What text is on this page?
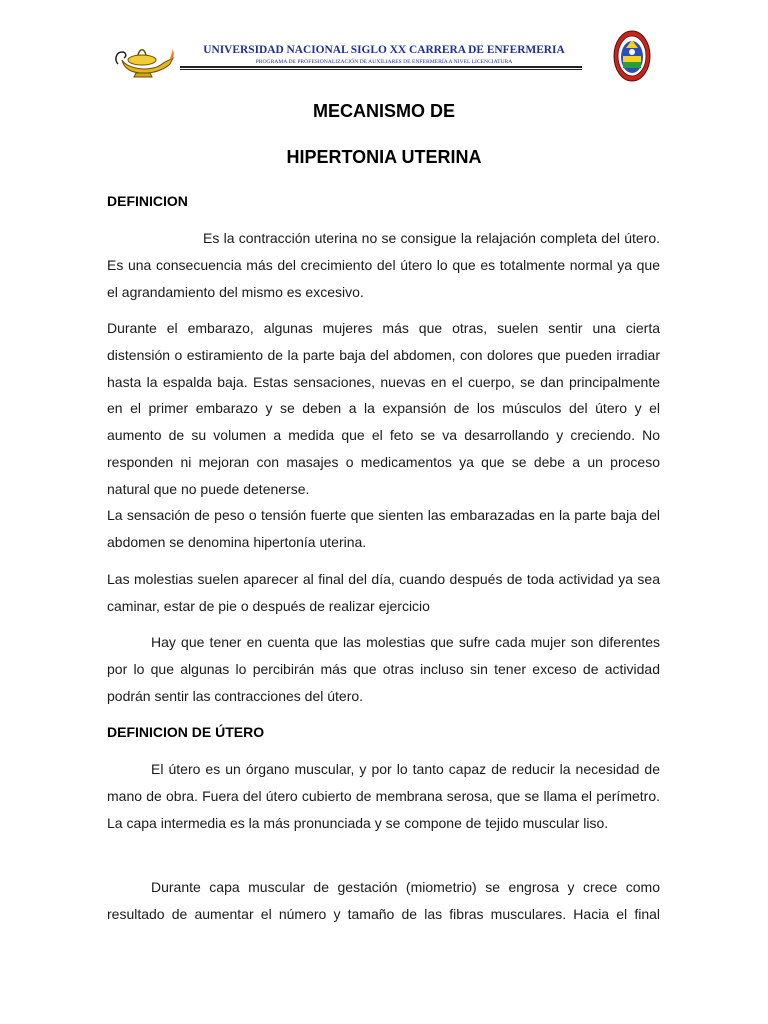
UNIVERSIDAD NACIONAL SIGLO XX CARRERA DE ENFERMERIA
PROGRAMA DE PROFESIONALIZACIÓN DE AUXILIARES DE ENFERMERÍA A NIVEL LICENCIATURA
MECANISMO DE
HIPERTONIA UTERINA
DEFINICION

Es la contracción uterina no se consigue la relajación completa del útero. Es una consecuencia más del crecimiento del útero lo que es totalmente normal ya que el agrandamiento del mismo es excesivo.

Durante el embarazo, algunas mujeres más que otras, suelen sentir una cierta distensión o estiramiento de la parte baja del abdomen, con dolores que pueden irradiar hasta la espalda baja. Estas sensaciones, nuevas en el cuerpo, se dan principalmente en el primer embarazo y se deben a la expansión de los músculos del útero y el aumento de su volumen a medida que el feto se va desarrollando y creciendo. No responden ni mejoran con masajes o medicamentos ya que se debe a un proceso natural que no puede detenerse.

La sensación de peso o tensión fuerte que sienten las embarazadas en la parte baja del abdomen se denomina hipertonía uterina.

Las molestias suelen aparecer al final del día, cuando después de toda actividad ya sea caminar, estar de pie o después de realizar ejercicio

Hay que tener en cuenta que las molestias que sufre cada mujer son diferentes por lo que algunas lo percibirán más que otras incluso sin tener exceso de actividad podrán sentir las contracciones del útero.

DEFINICION DE ÚTERO

El útero es un órgano muscular, y por lo tanto capaz de reducir la necesidad de mano de obra. Fuera del útero cubierto de membrana serosa, que se llama el perímetro. La capa intermedia es la más pronunciada y se compone de tejido muscular liso.

Durante capa muscular de gestación (miometrio) se engrosa y crece como resultado de aumentar el número y tamaño de las fibras musculares. Hacia el final
